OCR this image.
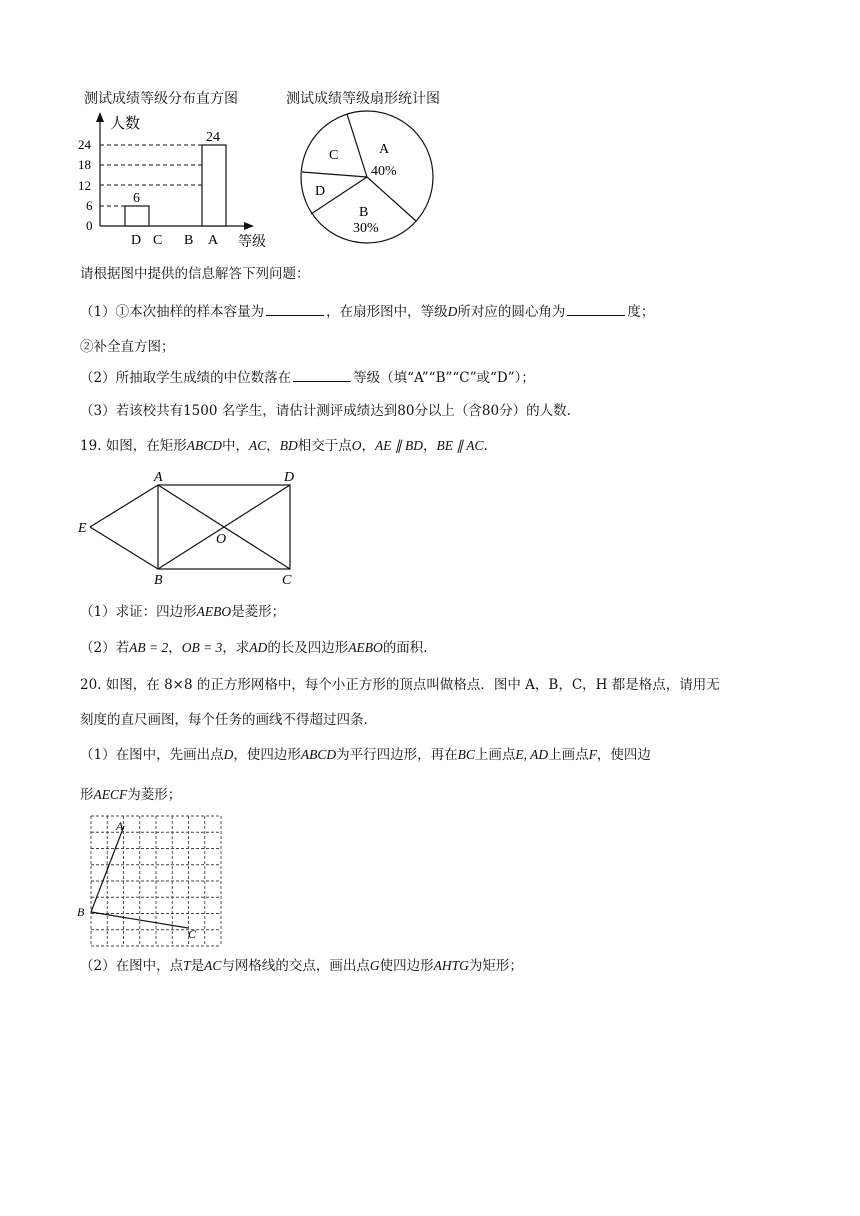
测试成绩等级分布直方图	测试成绩等级扇形统计图
人数
等级
0
6
12
18
24
6
24
D C B A
A
40%
B
30%
C
D
请根据图中提供的信息解答下列问题：
（1）①本次抽样的样本容量为	，在扇形图中，等级D所对应的圆心角为	度；
②补全直方图；
（2）所抽取学生成绩的中位数落在	等级（填“A”“B”“C”或“D”）；
（3）若该校共有1500 名学生，请估计测评成绩达到80分以上（含80分）的人数.
19. 如图，在矩形ABCD中，AC，BD相交于点O，AE ∥ BD，BE ∥ AC.
A	D
B	C
E
O
（1）求证：四边形AEBO是菱形；
（2）若AB = 2，OB = 3，求AD的长及四边形AEBO的面积.
20. 如图，在 8×8 的正方形网格中，每个小正方形的顶点叫做格点．图中 A，B，C，H 都是格点，请用无
刻度的直尺画图，每个任务的画线不得超过四条．
（1）在图中，先画出点D，使四边形ABCD为平行四边形，再在BC上画点E, AD上画点F，使四边
形AECF为菱形；
A
B
C
（2）在图中，点T是AC与网格线的交点，画出点G使四边形AHTG为矩形；
